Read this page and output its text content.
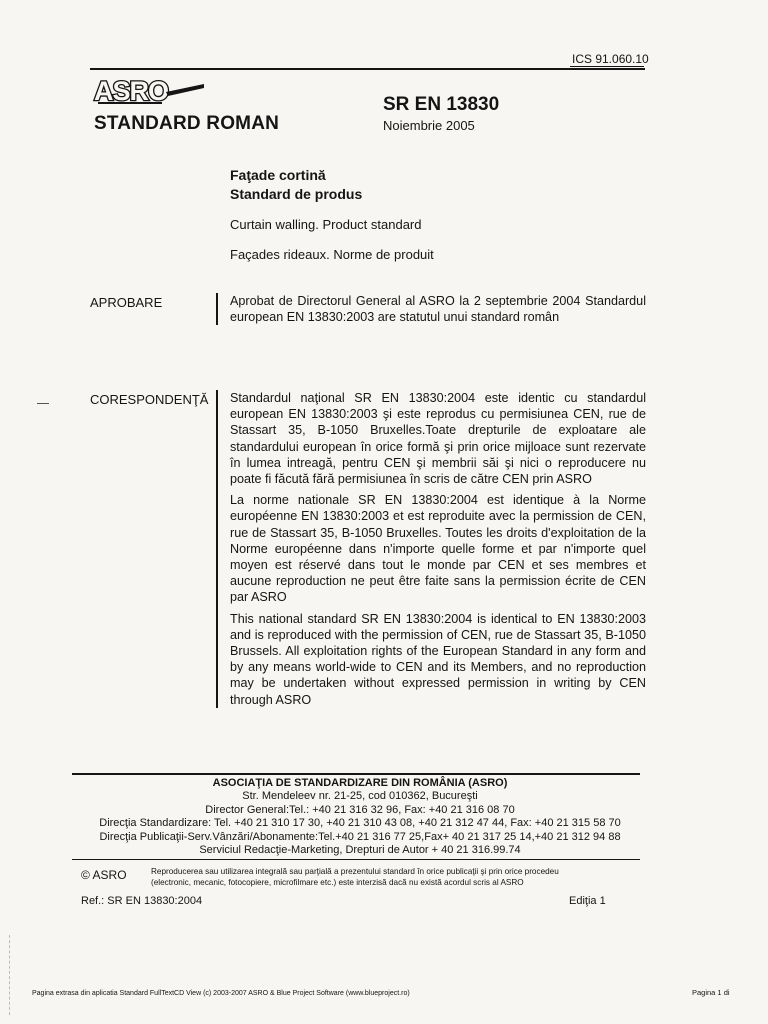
ICS 91.060.10
ASRO
STANDARD ROMAN
SR EN 13830
Noiembrie 2005
Faţade cortină
Standard de produs
Curtain walling. Product standard
Façades rideaux. Norme de produit
APROBARE	Aprobat de Directorul General al ASRO la 2 septembrie 2004 Standardul european EN 13830:2003 are statutul unui standard român

CORESPONDENŢĂ Standardul naţional SR EN 13830:2004 este identic cu standardul european EN 13830:2003 şi este reprodus cu permisiunea CEN, rue de Stassart 35, B-1050 Bruxelles.Toate drepturile de exploatare ale standardului european în orice formă şi prin orice mijloace sunt rezervate în lumea intreagă, pentru CEN şi membrii săi şi nici o reproducere nu poate fi făcută fără permisiunea în scris de către CEN prin ASRO

La norme nationale SR EN 13830:2004 est identique à la Norme européenne EN 13830:2003 et est reproduite avec la permission de CEN, rue de Stassart 35, B-1050 Bruxelles. Toutes les droits d'exploitation de la Norme européenne dans n'importe quelle forme et par n'importe quel moyen est réservé dans tout le monde par CEN et ses membres et aucune reproduction ne peut être faite sans la permission écrite de CEN par ASRO

This national standard SR EN 13830:2004 is identical to EN 13830:2003 and is reproduced with the permission of CEN, rue de Stassart 35, B-1050 Brussels. All exploitation rights of the European Standard in any form and by any means world-wide to CEN and its Members, and no reproduction may be undertaken without expressed permission in writing by CEN through ASRO

ASOCIAŢIA DE STANDARDIZARE DIN ROMÂNIA (ASRO)
Str. Mendeleev nr. 21-25, cod 010362, Bucureşti
Director General:Tel.: +40 21 316 32 96, Fax: +40 21 316 08 70
Direcţia Standardizare: Tel. +40 21 310 17 30, +40 21 310 43 08, +40 21 312 47 44, Fax: +40 21 315 58 70
Direcţia Publicaţii-Serv.Vânzări/Abonamente:Tel.+40 21 316 77 25,Fax+ 40 21 317 25 14,+40 21 312 94 88
Serviciul Redacţie-Marketing, Drepturi de Autor + 40 21 316.99.74
© ASRO	Reproducerea sau utilizarea integrală sau parţială a prezentului standard în orice publicaţii şi prin orice procedeu
(electronic, mecanic, fotocopiere, microfilmare etc.) este interzisă dacă nu există acordul scris al ASRO
Ref.: SR EN 13830:2004	Ediţia 1
Pagina extrasa din aplicatia Standard FullTextCD View (c) 2003-2007 ASRO & Blue Project Software (www.blueproject.ro)	Pagina 1 di
